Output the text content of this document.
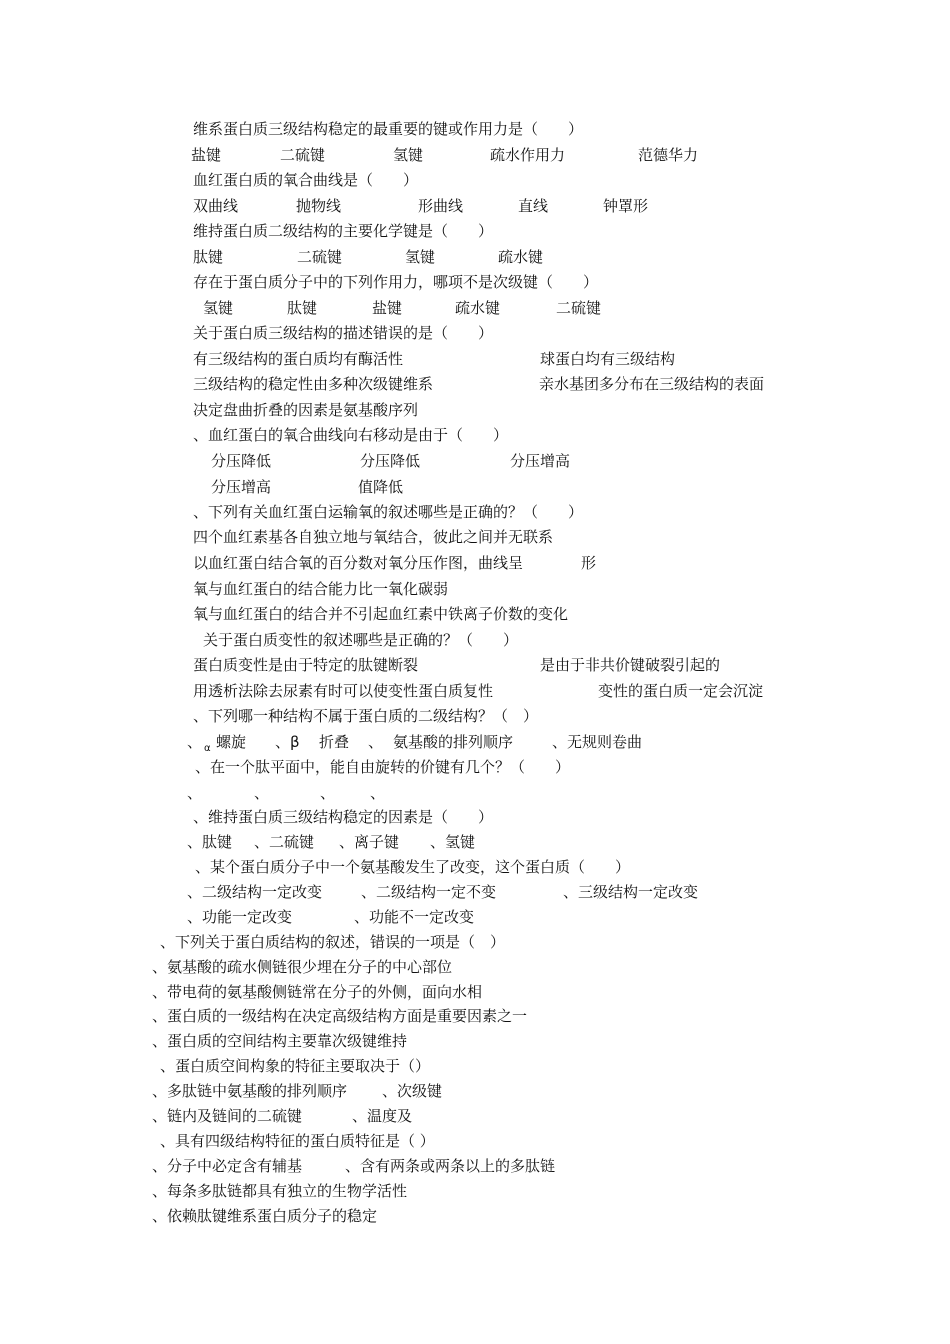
维系蛋白质三级结构稳定的最重要的键或作用力是（　　）
盐键	二硫键	氢键	疏水作用力	范德华力
血红蛋白质的氧合曲线是（　　）
双曲线	抛物线	形曲线	直线	钟罩形
维持蛋白质二级结构的主要化学键是（　　）
肽键	二硫键	氢键	疏水键
存在于蛋白质分子中的下列作用力，哪项不是次级键（　　）
氢键	肽键	盐键	疏水键	二硫键
关于蛋白质三级结构的描述错误的是（　　）
有三级结构的蛋白质均有酶活性	球蛋白均有三级结构
三级结构的稳定性由多种次级键维系	亲水基团多分布在三级结构的表面
决定盘曲折叠的因素是氨基酸序列
、血红蛋白的氧合曲线向右移动是由于（　　）
分压降低	分压降低	分压增高
分压增高	值降低
、下列有关血红蛋白运输氧的叙述哪些是正确的？（　　）
四个血红素基各自独立地与氧结合，彼此之间并无联系
以血红蛋白结合氧的百分数对氧分压作图，曲线呈	形
氧与血红蛋白的结合能力比一氧化碳弱
氧与血红蛋白的结合并不引起血红素中铁离子价数的变化
关于蛋白质变性的叙述哪些是正确的？（　　）
蛋白质变性是由于特定的肽键断裂	是由于非共价键破裂引起的
用透析法除去尿素有时可以使变性蛋白质复性	变性的蛋白质一定会沉淀
、下列哪一种结构不属于蛋白质的二级结构？（　）
、 $_\alpha$ 螺旋 、β 折叠 、 氨基酸的排列顺序	、无规则卷曲
、在一个肽平面中，能自由旋转的价键有几个？（　　）
、	、	、 、
、维持蛋白质三级结构稳定的因素是（　　）
、肽键 、二硫键 、离子键 、氢键
、某个蛋白质分子中一个氨基酸发生了改变，这个蛋白质（　　）
、二级结构一定改变	、二级结构一定不变	、三级结构一定改变
、功能一定改变	、功能不一定改变
、下列关于蛋白质结构的叙述，错误的一项是（　）
、氨基酸的疏水侧链很少埋在分子的中心部位
、带电荷的氨基酸侧链常在分子的外侧，面向水相
、蛋白质的一级结构在决定高级结构方面是重要因素之一
、蛋白质的空间结构主要靠次级键维持
、蛋白质空间构象的特征主要取决于（）
、多肽链中氨基酸的排列顺序 、次级键
、链内及链间的二硫键	、温度及
、具有四级结构特征的蛋白质特征是（ ）
、分子中必定含有辅基	、含有两条或两条以上的多肽链
、每条多肽链都具有独立的生物学活性
、依赖肽键维系蛋白质分子的稳定
